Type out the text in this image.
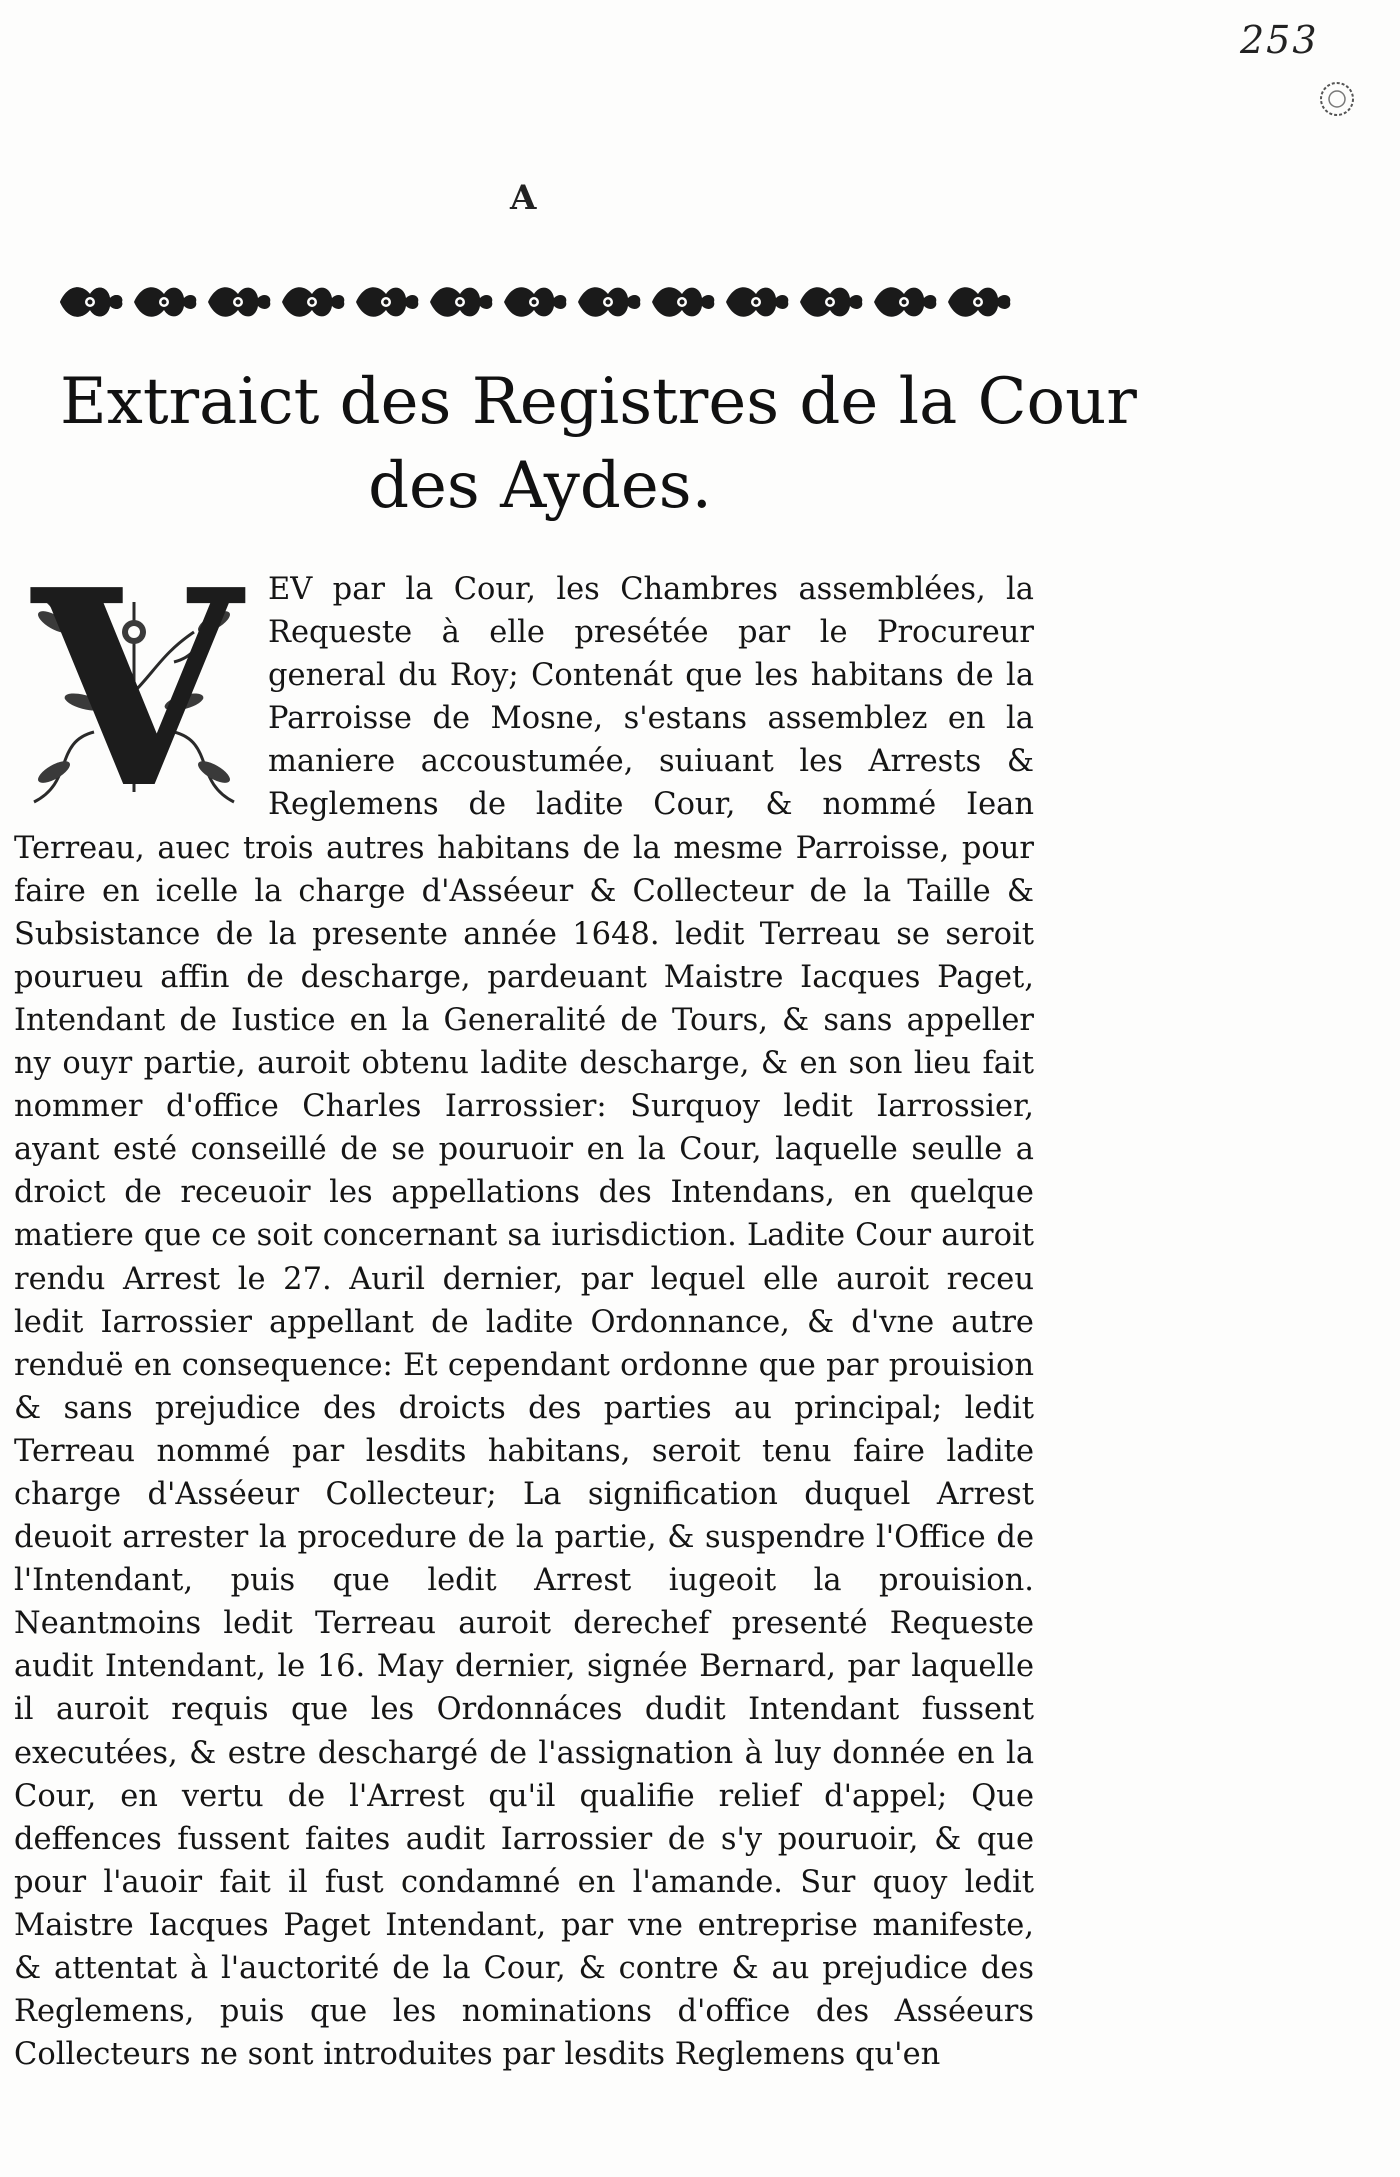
253
A
Extraict des Registres de la Cour
des Aydes.
V EV par la Cour, les Chambres assemblées, la Requeste à elle presétée par le Procureur general du Roy; Contenát que les habitans de la Parroisse de Mosne, s'estans assemblez en la maniere accoustumée, suiuant les Arrests & Reglemens de ladite Cour, & nommé Iean Terreau, auec trois autres habitans de la mesme Parroisse, pour faire en icelle la charge d'Asséeur & Collecteur de la Taille & Subsistance de la presente année 1648. ledit Terreau se seroit pourueu affin de descharge, pardeuant Maistre Iacques Paget, Intendant de Iustice en la Generalité de Tours, & sans appeller ny ouyr partie, auroit obtenu ladite descharge, & en son lieu fait nommer d'office Charles Iarrossier: Surquoy ledit Iarrossier, ayant esté conseillé de se pouruoir en la Cour, laquelle seulle a droict de receuoir les appellations des Intendans, en quelque matiere que ce soit concernant sa iurisdiction. Ladite Cour auroit rendu Arrest le 27. Auril dernier, par lequel elle auroit receu ledit Iarrossier appellant de ladite Ordonnance, & d'vne autre renduë en consequence: Et cependant ordonne que par prouision & sans prejudice des droicts des parties au principal; ledit Terreau nommé par lesdits habitans, seroit tenu faire ladite charge d'Asséeur Collecteur; La signification duquel Arrest deuoit arrester la procedure de la partie, & suspendre l'Office de l'Intendant, puis que ledit Arrest iugeoit la prouision. Neantmoins ledit Terreau auroit derechef presenté Requeste audit Intendant, le 16. May dernier, signée Bernard, par laquelle il auroit requis que les Ordonnáces dudit Intendant fussent executées, & estre deschargé de l'assignation à luy donnée en la Cour, en vertu de l'Arrest qu'il qualifie relief d'appel; Que deffences fussent faites audit Iarrossier de s'y pouruoir, & que pour l'auoir fait il fust condamné en l'amande. Sur quoy ledit Maistre Iacques Paget Intendant, par vne entreprise manifeste, & attentat à l'auctorité de la Cour, & contre & au prejudice des Reglemens, puis que les nominations d'office des Asséeurs Collecteurs ne sont introduites par lesdits Reglemens qu'en
